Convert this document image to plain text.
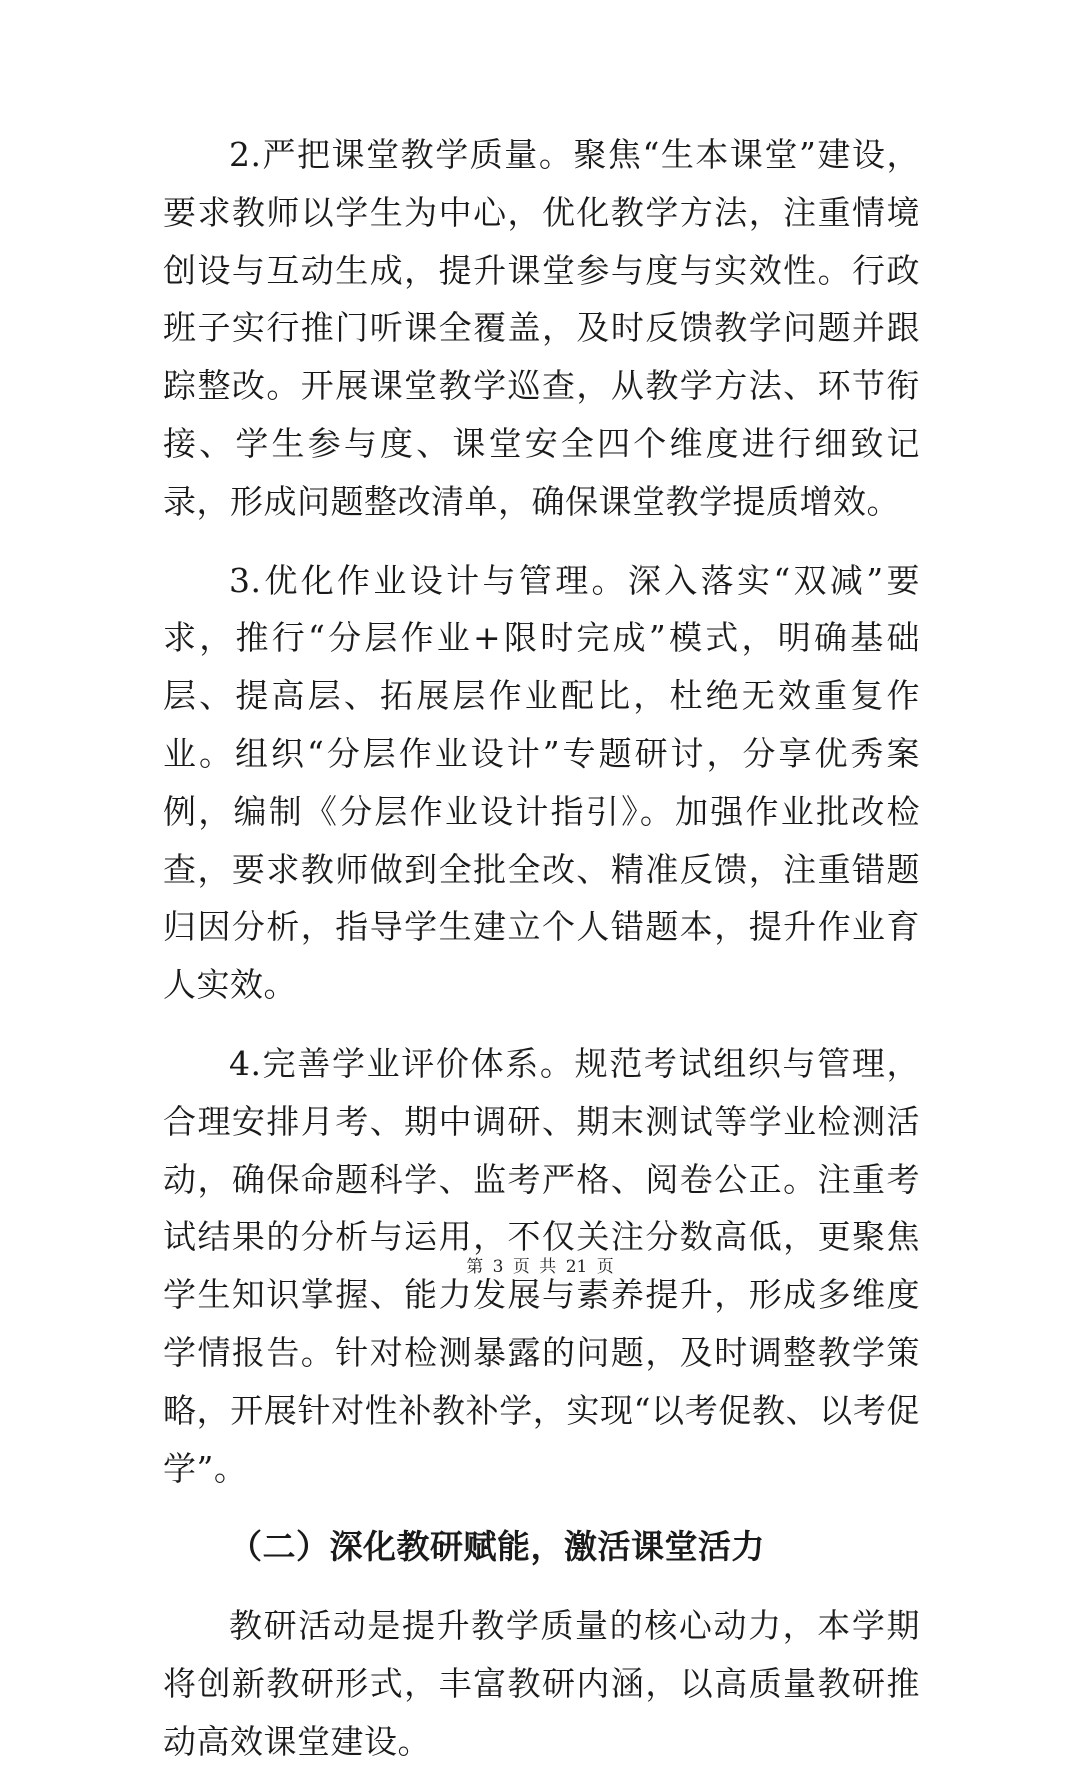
2.严把课堂教学质量。聚焦“生本课堂”建设，要求教师以学生为中心，优化教学方法，注重情境创设与互动生成，提升课堂参与度与实效性。行政班子实行推门听课全覆盖，及时反馈教学问题并跟踪整改。开展课堂教学巡查，从教学方法、环节衔接、学生参与度、课堂安全四个维度进行细致记录，形成问题整改清单，确保课堂教学提质增效。

3.优化作业设计与管理。深入落实“双减”要求，推行“分层作业+限时完成”模式，明确基础层、提高层、拓展层作业配比，杜绝无效重复作业。组织“分层作业设计”专题研讨，分享优秀案例，编制《分层作业设计指引》。加强作业批改检查，要求教师做到全批全改、精准反馈，注重错题归因分析，指导学生建立个人错题本，提升作业育人实效。

4.完善学业评价体系。规范考试组织与管理，合理安排月考、期中调研、期末测试等学业检测活动，确保命题科学、监考严格、阅卷公正。注重考试结果的分析与运用，不仅关注分数高低，更聚焦学生知识掌握、能力发展与素养提升，形成多维度学情报告。针对检测暴露的问题，及时调整教学策略，开展针对性补教补学，实现“以考促教、以考促学”。

（二）深化教研赋能，激活课堂活力

教研活动是提升教学质量的核心动力，本学期将创新教研形式，丰富教研内涵，以高质量教研推动高效课堂建设。

第 3 页 共 21 页
